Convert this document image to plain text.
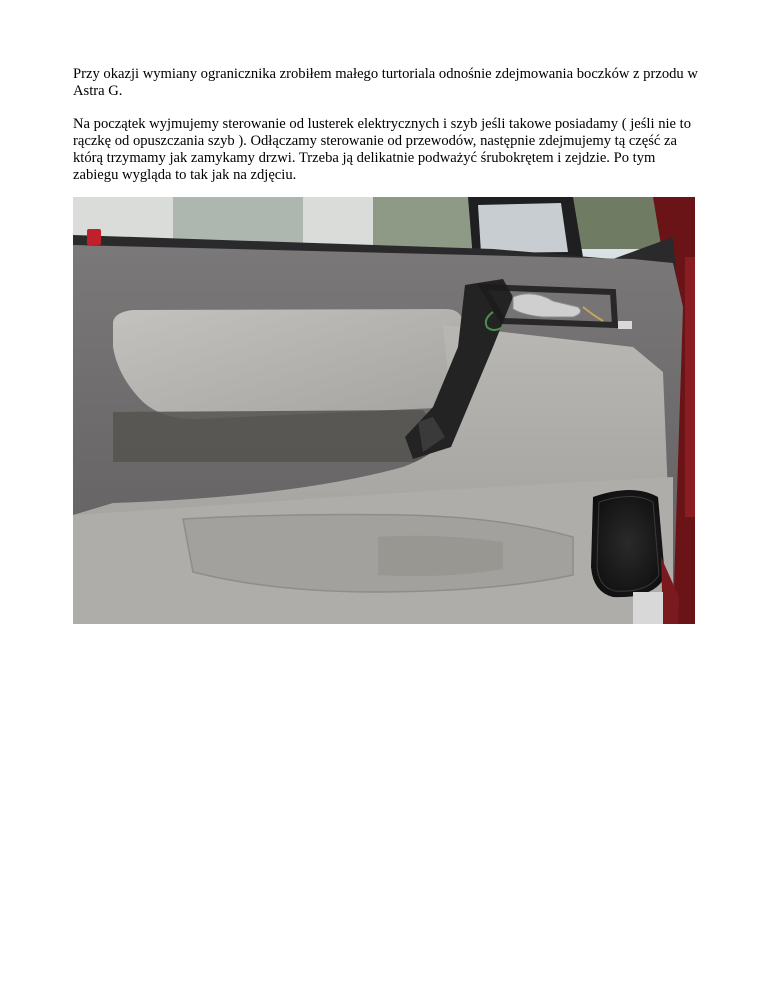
Przy okazji wymiany ogranicznika zrobiłem małego turtoriala odnośnie zdejmowania boczków z przodu w Astra G.

Na początek wyjmujemy sterowanie od lusterek elektrycznych i szyb jeśli takowe posiadamy ( jeśli nie to rączkę od opuszczania szyb ). Odłączamy sterowanie od przewodów, następnie zdejmujemy tą część za którą trzymamy jak zamykamy drzwi. Trzeba ją delikatnie podważyć śrubokrętem i zejdzie. Po tym zabiegu wygląda to tak jak na zdjęciu.
